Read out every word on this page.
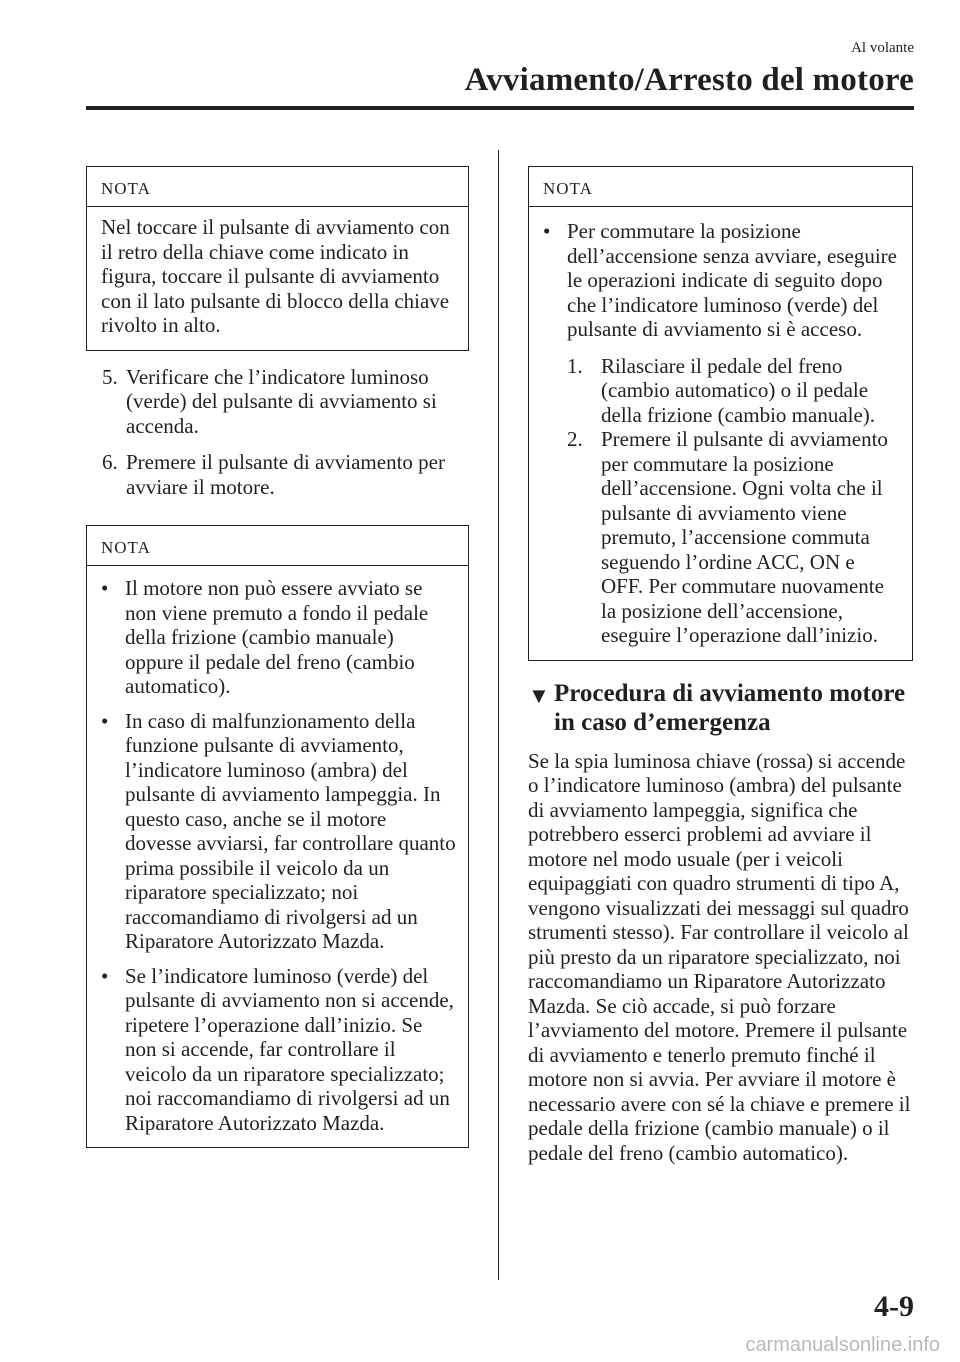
Al volante
Avviamento/Arresto del motore
NOTA

Nel toccare il pulsante di avviamento con il retro della chiave come indicato in figura, toccare il pulsante di avviamento con il lato pulsante di blocco della chiave rivolto in alto.

5. Verificare che l’indicatore luminoso (verde) del pulsante di avviamento si accenda.
6. Premere il pulsante di avviamento per avviare il motore.
NOTA
• Il motore non può essere avviato se non viene premuto a fondo il pedale della frizione (cambio manuale) oppure il pedale del freno (cambio automatico).
• In caso di malfunzionamento della funzione pulsante di avviamento, l’indicatore luminoso (ambra) del pulsante di avviamento lampeggia. In questo caso, anche se il motore dovesse avviarsi, far controllare quanto prima possibile il veicolo da un riparatore specializzato; noi raccomandiamo di rivolgersi ad un Riparatore Autorizzato Mazda.
• Se l’indicatore luminoso (verde) del pulsante di avviamento non si accende, ripetere l’operazione dall’inizio. Se non si accende, far controllare il veicolo da un riparatore specializzato; noi raccomandiamo di rivolgersi ad un Riparatore Autorizzato Mazda.
NOTA
• Per commutare la posizione dell’accensione senza avviare, eseguire le operazioni indicate di seguito dopo che l’indicatore luminoso (verde) del pulsante di avviamento si è acceso.
1. Rilasciare il pedale del freno (cambio automatico) o il pedale della frizione (cambio manuale).
2. Premere il pulsante di avviamento per commutare la posizione dell’accensione. Ogni volta che il pulsante di avviamento viene premuto, l’accensione commuta seguendo l’ordine ACC, ON e OFF. Per commutare nuovamente la posizione dell’accensione, eseguire l’operazione dall’inizio.
▼ Procedura di avviamento motore in caso d’emergenza

Se la spia luminosa chiave (rossa) si accende o l’indicatore luminoso (ambra) del pulsante di avviamento lampeggia, significa che potrebbero esserci problemi ad avviare il motore nel modo usuale (per i veicoli equipaggiati con quadro strumenti di tipo A, vengono visualizzati dei messaggi sul quadro strumenti stesso). Far controllare il veicolo al più presto da un riparatore specializzato, noi raccomandiamo un Riparatore Autorizzato Mazda. Se ciò accade, si può forzare l’avviamento del motore. Premere il pulsante di avviamento e tenerlo premuto finché il motore non si avvia. Per avviare il motore è necessario avere con sé la chiave e premere il pedale della frizione (cambio manuale) o il pedale del freno (cambio automatico).

4-9
carmanualsonline.info
